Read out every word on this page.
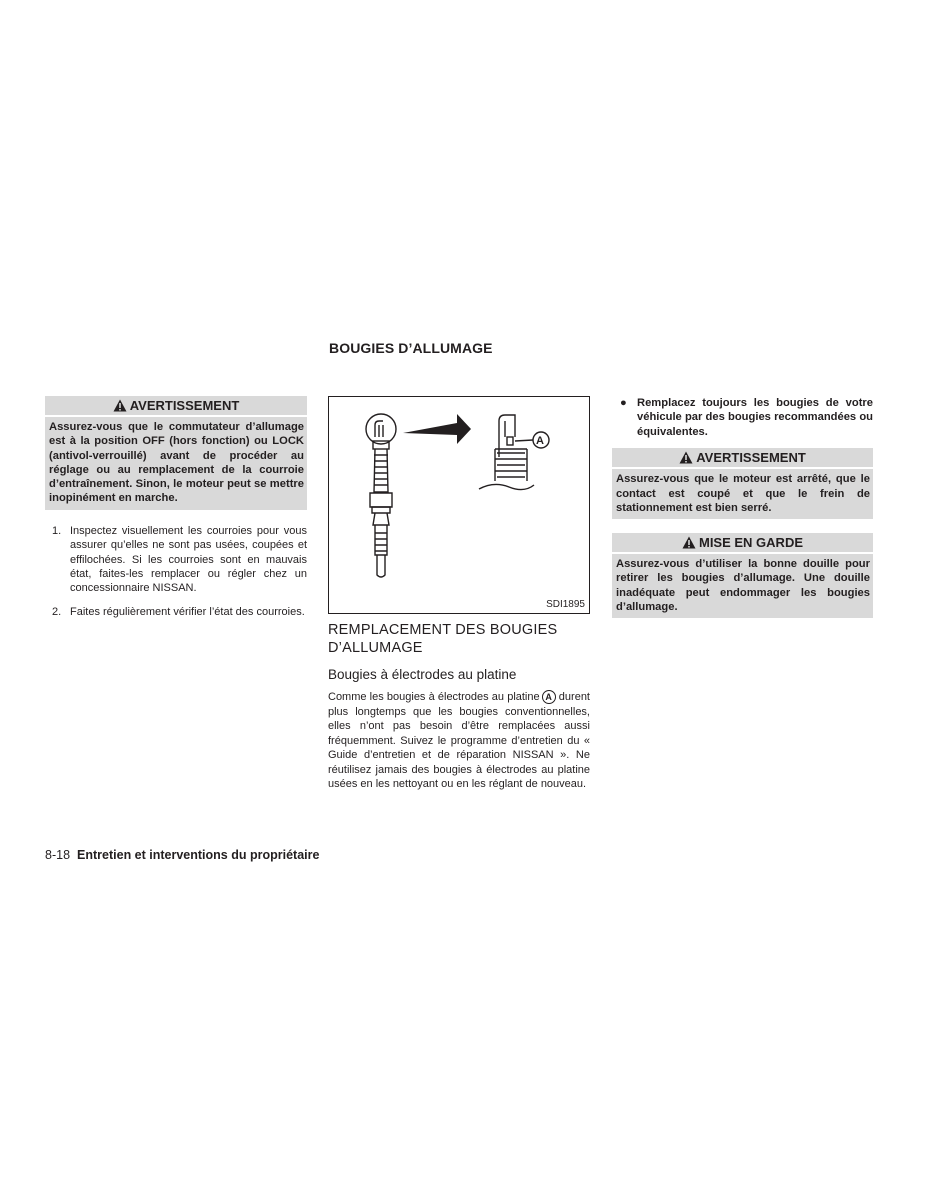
BOUGIES D’ALLUMAGE
AVERTISSEMENT
Assurez-vous que le commutateur d’allumage est à la position OFF (hors fonction) ou LOCK (antivol-verrouillé) avant de procéder au réglage ou au remplacement de la courroie d’entraînement. Sinon, le moteur peut se mettre inopinément en marche.
1. Inspectez visuellement les courroies pour vous assurer qu’elles ne sont pas usées, coupées et effilochées. Si les courroies sont en mauvais état, faites-les remplacer ou régler chez un concessionnaire NISSAN.
2. Faites régulièrement vérifier l’état des courroies.
A
SDI1895
REMPLACEMENT DES BOUGIES D’ALLUMAGE
Bougies à électrodes au platine

Comme les bougies à électrodes au platine A durent plus longtemps que les bougies conventionnelles, elles n’ont pas besoin d’être remplacées aussi fréquemment. Suivez le programme d’entretien du « Guide d’entretien et de réparation NISSAN ». Ne réutilisez jamais des bougies à électrodes au platine usées en les nettoyant ou en les réglant de nouveau.

● Remplacez toujours les bougies de votre véhicule par des bougies recommandées ou équivalentes.

AVERTISSEMENT
Assurez-vous que le moteur est arrêté, que le contact est coupé et que le frein de stationnement est bien serré.
MISE EN GARDE
Assurez-vous d’utiliser la bonne douille pour retirer les bougies d’allumage. Une douille inadéquate peut endommager les bougies d’allumage.
8-18 Entretien et interventions du propriétaire
